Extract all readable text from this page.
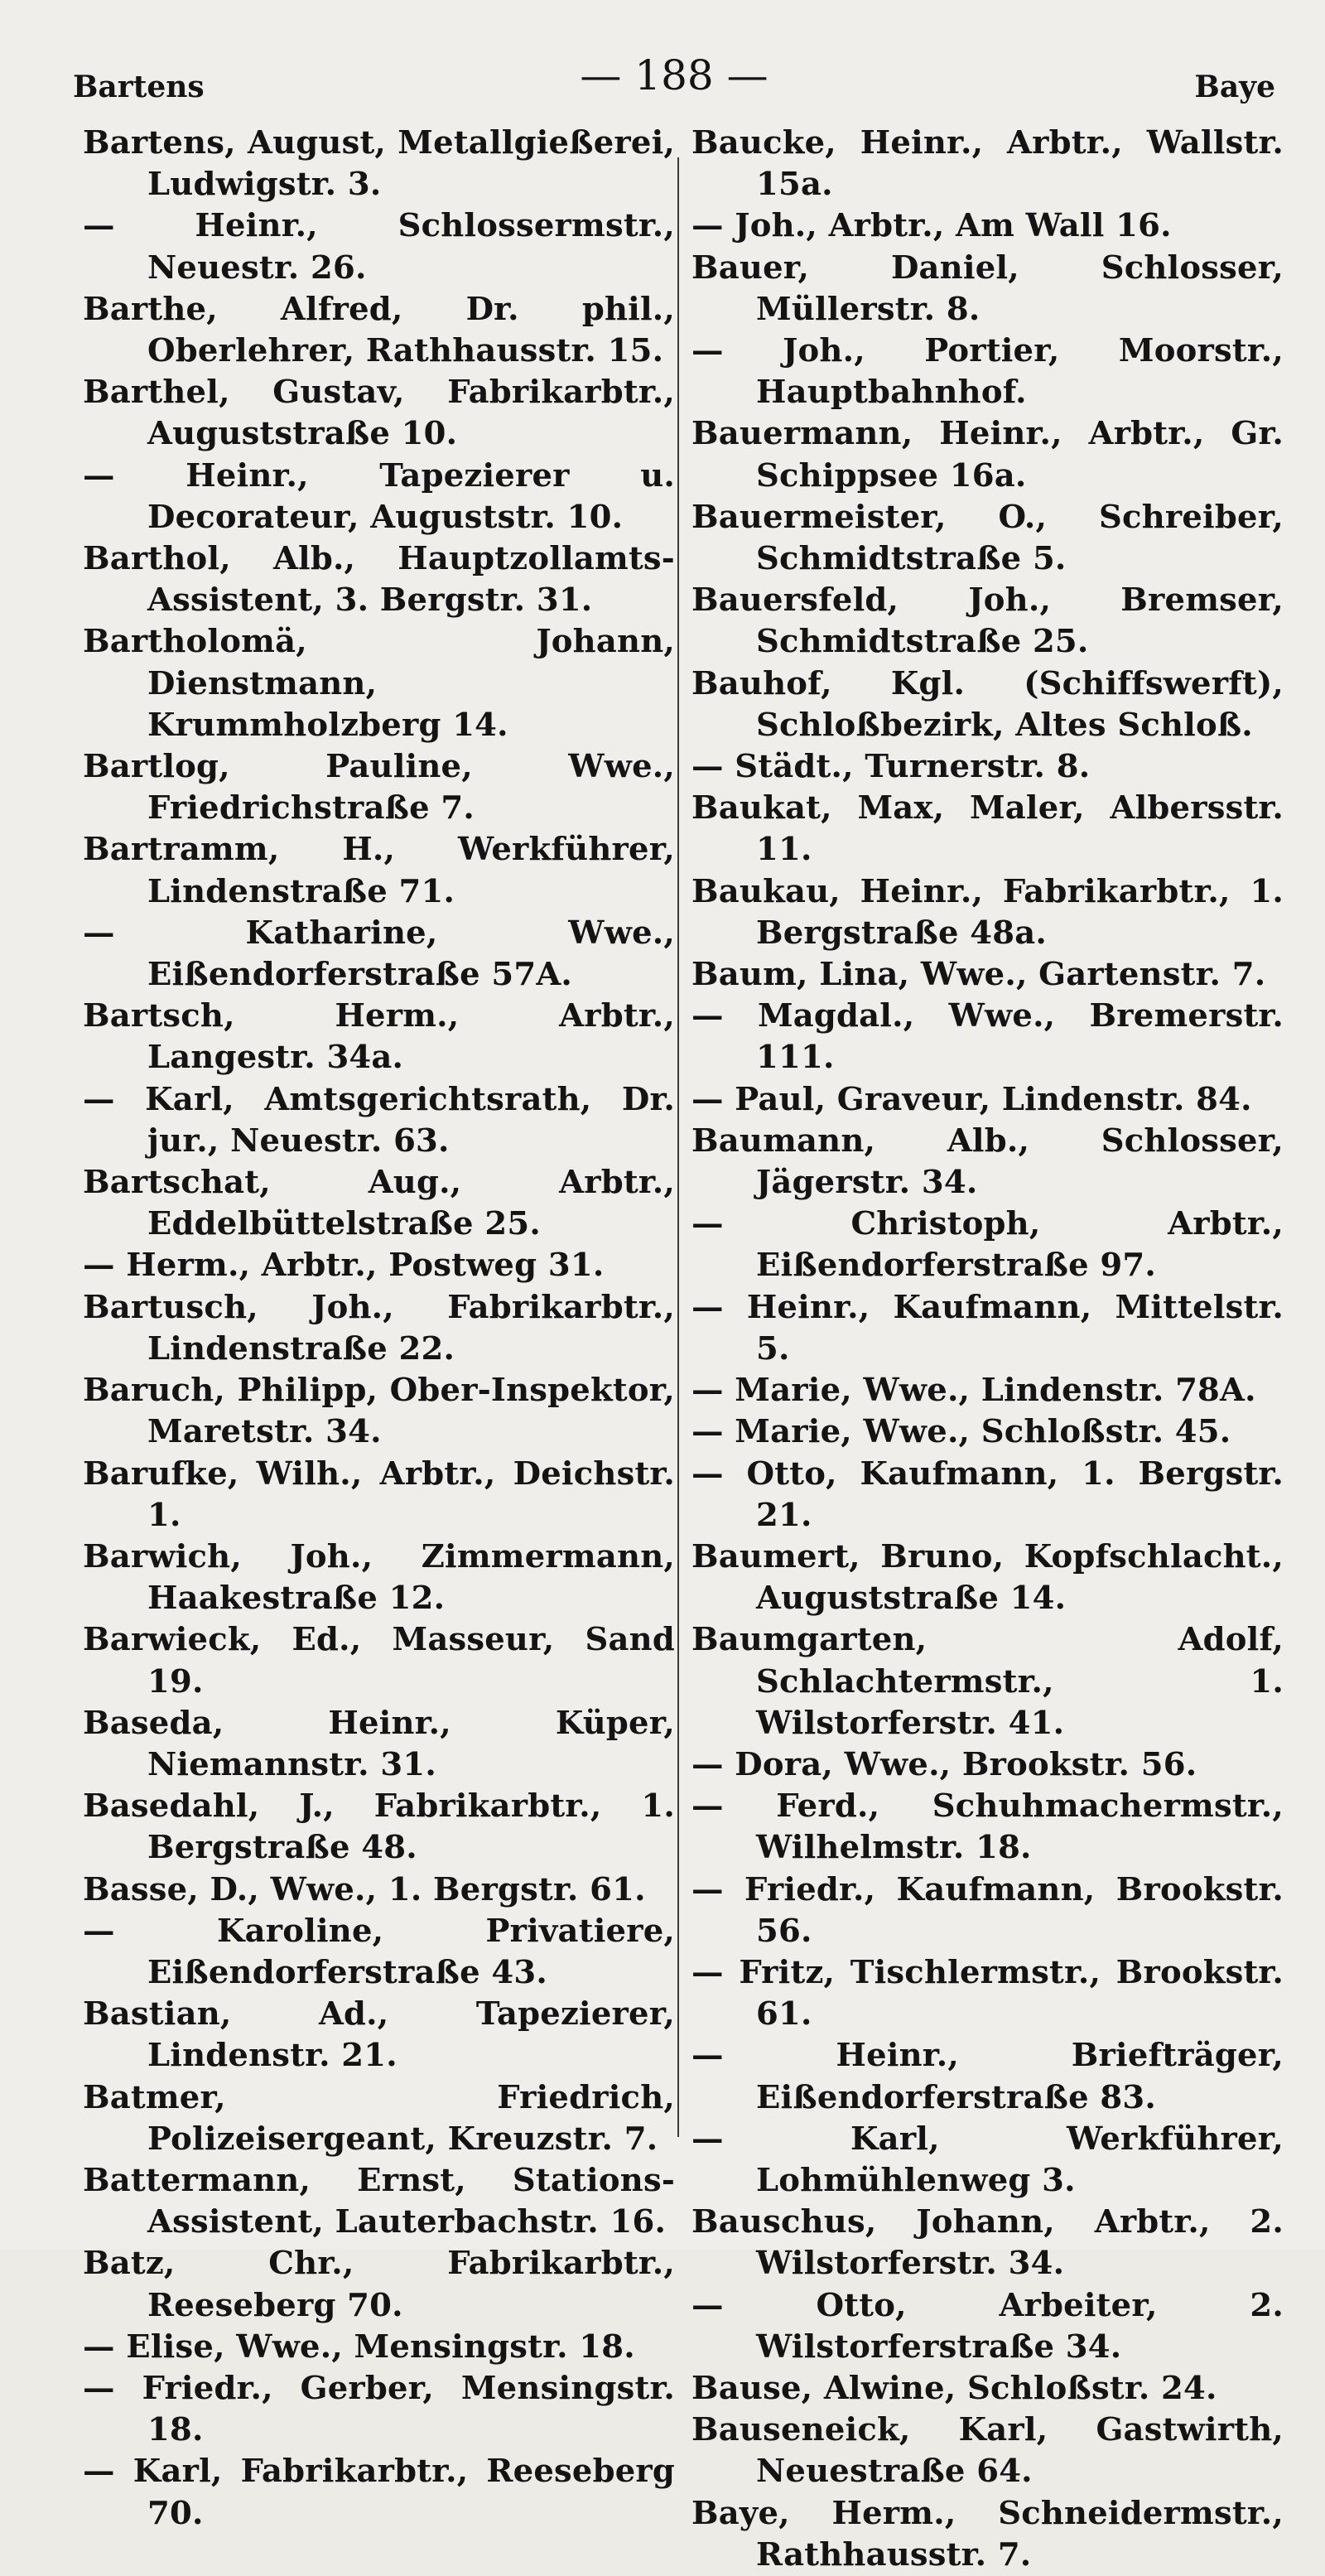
Bartens	— 188 —	Baye
Bartens, August, Metallgießerei, Ludwigstr. 3.
— Heinr., Schlossermstr., Neuestr. 26.
Barthe, Alfred, Dr. phil., Oberlehrer, Rathhausstr. 15.
Barthel, Gustav, Fabrikarbtr., Auguststraße 10.
— Heinr., Tapezierer u. Decorateur, Auguststr. 10.
Barthol, Alb., Hauptzollamts-Assistent, 3. Bergstr. 31.
Bartholomä, Johann, Dienstmann, Krummholzberg 14.
Bartlog, Pauline, Wwe., Friedrichstraße 7.
Bartramm, H., Werkführer, Lindenstraße 71.
— Katharine, Wwe., Eißendorferstraße 57A.
Bartsch, Herm., Arbtr., Langestr. 34a.
— Karl, Amtsgerichtsrath, Dr. jur., Neuestr. 63.
Bartschat, Aug., Arbtr., Eddelbüttelstraße 25.
— Herm., Arbtr., Postweg 31.
Bartusch, Joh., Fabrikarbtr., Lindenstraße 22.
Baruch, Philipp, Ober-Inspektor, Maretstr. 34.
Barufke, Wilh., Arbtr., Deichstr. 1.
Barwich, Joh., Zimmermann, Haakestraße 12.
Barwieck, Ed., Masseur, Sand 19.
Baseda, Heinr., Küper, Niemannstr. 31.
Basedahl, J., Fabrikarbtr., 1. Bergstraße 48.
Basse, D., Wwe., 1. Bergstr. 61.
— Karoline, Privatiere, Eißendorferstraße 43.
Bastian, Ad., Tapezierer, Lindenstr. 21.
Batmer, Friedrich, Polizeisergeant, Kreuzstr. 7.
Battermann, Ernst, Stations-Assistent, Lauterbachstr. 16.
Batz, Chr., Fabrikarbtr., Reeseberg 70.
— Elise, Wwe., Mensingstr. 18.
— Friedr., Gerber, Mensingstr. 18.
— Karl, Fabrikarbtr., Reeseberg 70.
Baucke, Heinr., Arbtr., Wallstr. 15a.
— Joh., Arbtr., Am Wall 16.
Bauer, Daniel, Schlosser, Müllerstr. 8.
— Joh., Portier, Moorstr., Hauptbahnhof.
Bauermann, Heinr., Arbtr., Gr. Schippsee 16a.
Bauermeister, O., Schreiber, Schmidtstraße 5.
Bauersfeld, Joh., Bremser, Schmidtstraße 25.
Bauhof, Kgl. (Schiffswerft), Schloßbezirk, Altes Schloß.
— Städt., Turnerstr. 8.
Baukat, Max, Maler, Albersstr. 11.
Baukau, Heinr., Fabrikarbtr., 1. Bergstraße 48a.
Baum, Lina, Wwe., Gartenstr. 7.
— Magdal., Wwe., Bremerstr. 111.
— Paul, Graveur, Lindenstr. 84.
Baumann, Alb., Schlosser, Jägerstr. 34.
— Christoph, Arbtr., Eißendorferstraße 97.
— Heinr., Kaufmann, Mittelstr. 5.
— Marie, Wwe., Lindenstr. 78A.
— Marie, Wwe., Schloßstr. 45.
— Otto, Kaufmann, 1. Bergstr. 21.
Baumert, Bruno, Kopfschlacht., Auguststraße 14.
Baumgarten, Adolf, Schlachtermstr., 1. Wilstorferstr. 41.
— Dora, Wwe., Brookstr. 56.
— Ferd., Schuhmachermstr., Wilhelmstr. 18.
— Friedr., Kaufmann, Brookstr. 56.
— Fritz, Tischlermstr., Brookstr. 61.
— Heinr., Briefträger, Eißendorferstraße 83.
— Karl, Werkführer, Lohmühlenweg 3.
Bauschus, Johann, Arbtr., 2. Wilstorferstr. 34.
— Otto, Arbeiter, 2. Wilstorferstraße 34.
Bause, Alwine, Schloßstr. 24.
Bauseneick, Karl, Gastwirth, Neuestraße 64.
Baye, Herm., Schneidermstr., Rathhausstr. 7.
